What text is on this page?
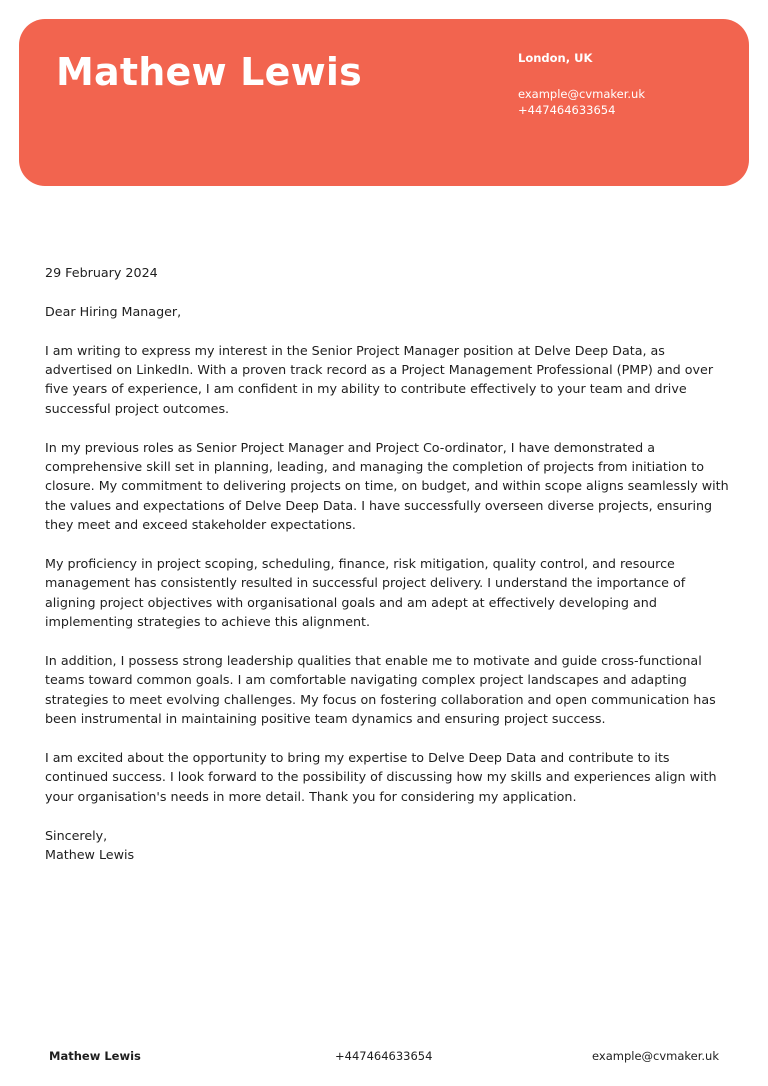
Mathew Lewis	London, UK
example@cvmaker.uk
+447464633654

29 February 2024

Dear Hiring Manager,

I am writing to express my interest in the Senior Project Manager position at Delve Deep Data, as advertised on LinkedIn. With a proven track record as a Project Management Professional (PMP) and over five years of experience, I am confident in my ability to contribute effectively to your team and drive successful project outcomes.

In my previous roles as Senior Project Manager and Project Co-ordinator, I have demonstrated a comprehensive skill set in planning, leading, and managing the completion of projects from initiation to closure. My commitment to delivering projects on time, on budget, and within scope aligns seamlessly with the values and expectations of Delve Deep Data. I have successfully overseen diverse projects, ensuring they meet and exceed stakeholder expectations.

My proficiency in project scoping, scheduling, finance, risk mitigation, quality control, and resource management has consistently resulted in successful project delivery. I understand the importance of aligning project objectives with organisational goals and am adept at effectively developing and implementing strategies to achieve this alignment.

In addition, I possess strong leadership qualities that enable me to motivate and guide cross-functional teams toward common goals. I am comfortable navigating complex project landscapes and adapting strategies to meet evolving challenges. My focus on fostering collaboration and open communication has been instrumental in maintaining positive team dynamics and ensuring project success.

I am excited about the opportunity to bring my expertise to Delve Deep Data and contribute to its continued success. I look forward to the possibility of discussing how my skills and experiences align with your organisation's needs in more detail. Thank you for considering my application.

Sincerely,
Mathew Lewis
Mathew Lewis	+447464633654	example@cvmaker.uk
